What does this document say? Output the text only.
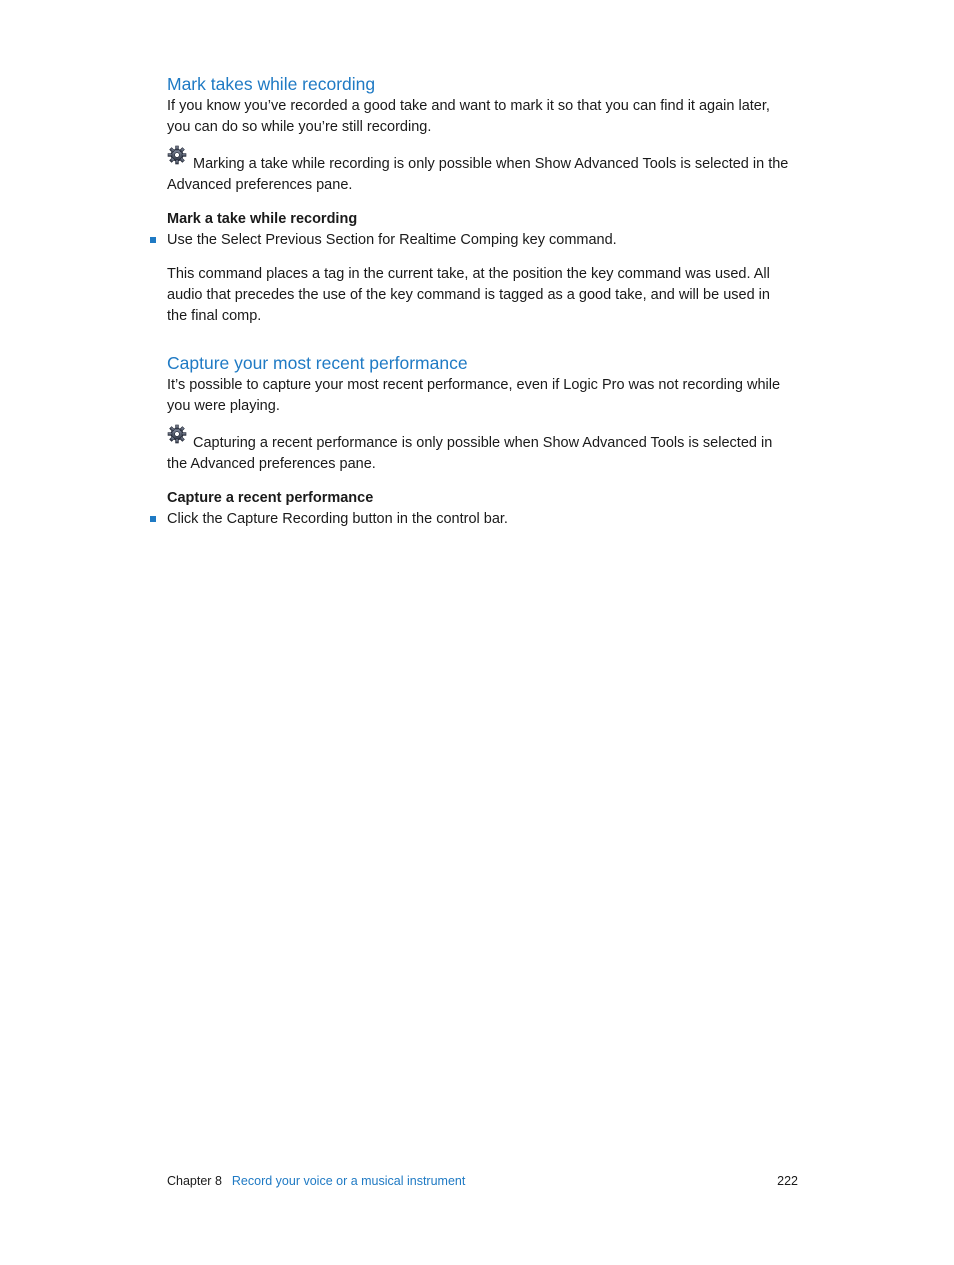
Mark takes while recording

If you know you’ve recorded a good take and want to mark it so that you can find it again later,
you can do so while you’re still recording.

Marking a take while recording is only possible when Show Advanced Tools is selected in the
Advanced preferences pane.

Mark a take while recording

Use the Select Previous Section for Realtime Comping key command.

This command places a tag in the current take, at the position the key command was used. All
audio that precedes the use of the key command is tagged as a good take, and will be used in
the final comp.

Capture your most recent performance

It’s possible to capture your most recent performance, even if Logic Pro was not recording while
you were playing.

Capturing a recent performance is only possible when Show Advanced Tools is selected in
the Advanced preferences pane.

Capture a recent performance

Click the Capture Recording button in the control bar.

Chapter 8 Record your voice or a musical instrument	222
